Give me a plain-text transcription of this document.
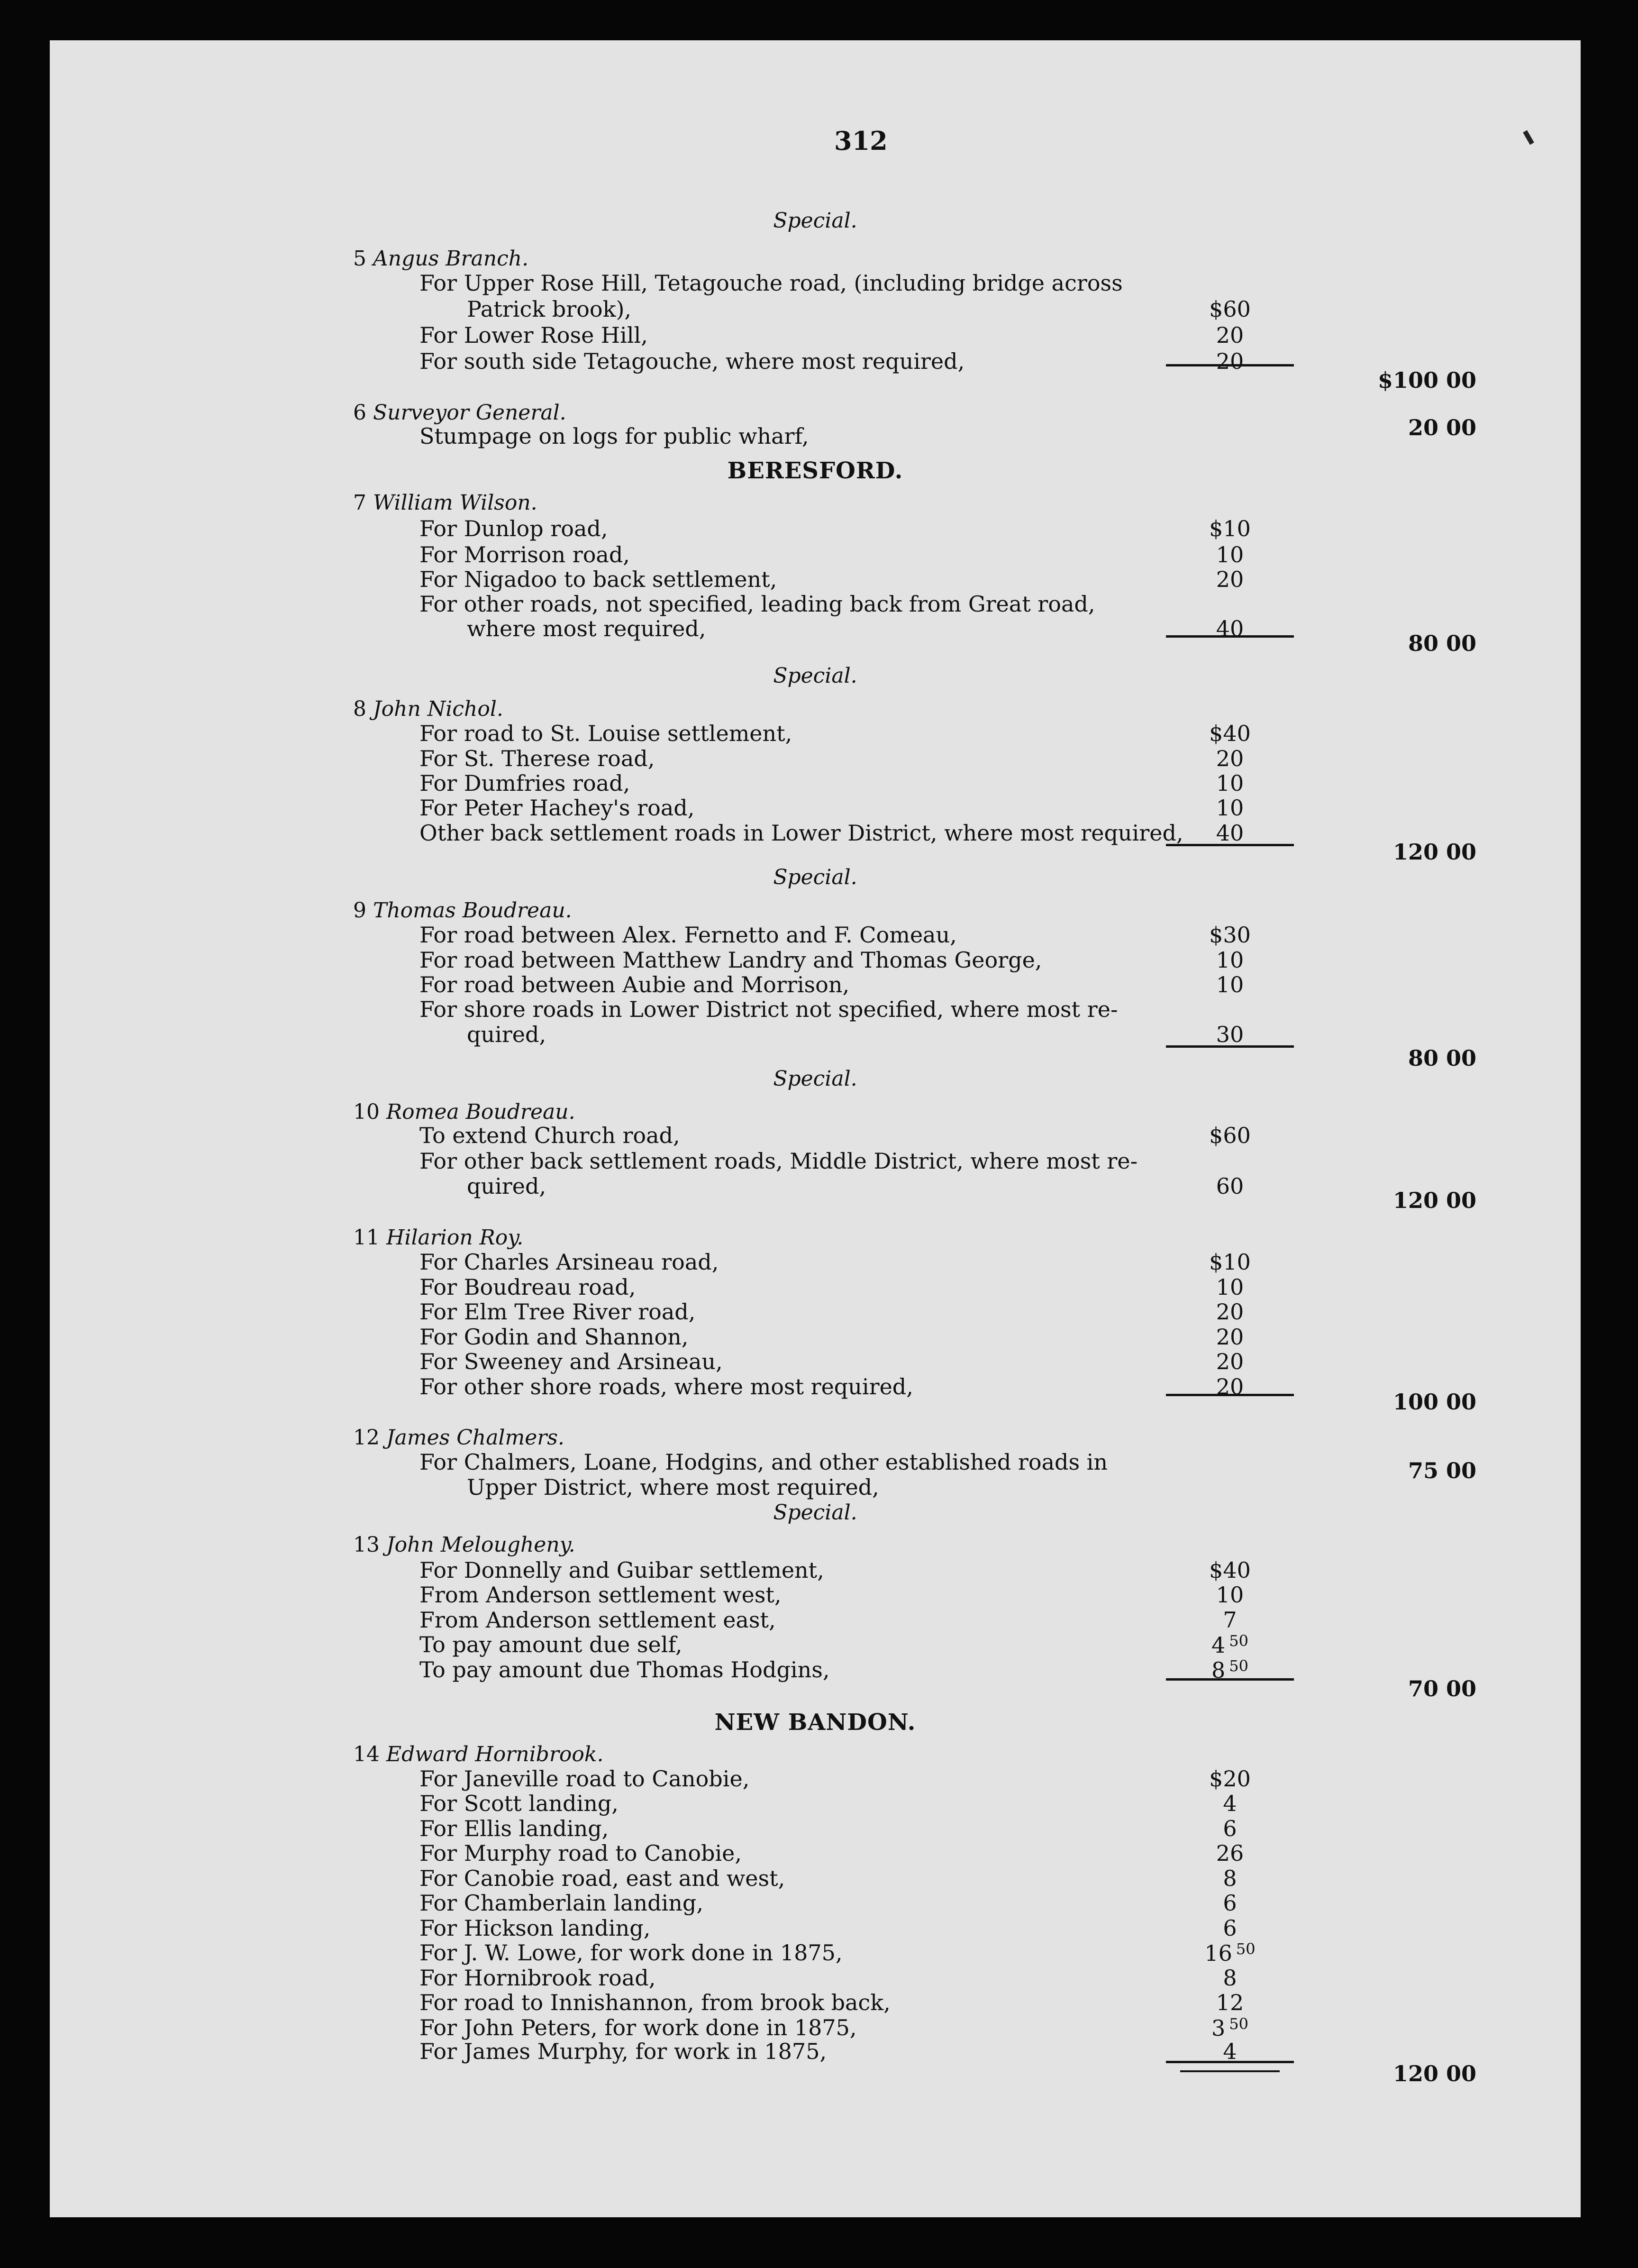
312
Special.
5 Angus Branch.
For Upper Rose Hill, Tetagouche road, (including bridge across
Patrick brook),	$60
For Lower Rose Hill,	20
For south side Tetagouche, where most required,	20
$100 00
6 Surveyor General.
Stumpage on logs for public wharf,	20 00
BERESFORD.
7 William Wilson.
For Dunlop road,	$10
For Morrison road,	10
For Nigadoo to back settlement,	20
For other roads, not specified, leading back from Great road,
where most required,	40
80 00
Special.
8 John Nichol.
For road to St. Louise settlement,	$40
For St. Therese road,	20
For Dumfries road,	10
For Peter Hachey's road,	10
Other back settlement roads in Lower District, where most required,	40
120 00
Special.
9 Thomas Boudreau.
For road between Alex. Fernetto and F. Comeau,	$30
For road between Matthew Landry and Thomas George,	10
For road between Aubie and Morrison,	10
For shore roads in Lower District not specified, where most re-
quired,	30
80 00
Special.
10 Romea Boudreau.
To extend Church road,	$60
For other back settlement roads, Middle District, where most re-
quired,	60
120 00
11 Hilarion Roy.
For Charles Arsineau road,	$10
For Boudreau road,	10
For Elm Tree River road,	20
For Godin and Shannon,	20
For Sweeney and Arsineau,	20
For other shore roads, where most required,	20
100 00
12 James Chalmers.
For Chalmers, Loane, Hodgins, and other established roads in
Upper District, where most required,
75 00
Special.
13 John Melougheny.
For Donnelly and Guibar settlement,	$40
From Anderson settlement west,	10
From Anderson settlement east,	7
To pay amount due self,	4 $^{50}$
To pay amount due Thomas Hodgins,	8 $^{50}$
70 00
NEW BANDON.
14 Edward Hornibrook.
For Janeville road to Canobie,	$20
For Scott landing,	4
For Ellis landing,	6
For Murphy road to Canobie,	26
For Canobie road, east and west,	8
For Chamberlain landing,	6
For Hickson landing,	6
For J. W. Lowe, for work done in 1875,	16 $^{50}$
For Hornibrook road,	8
For road to Innishannon, from brook back,	12
For John Peters, for work done in 1875,	3 $^{50}$
For James Murphy, for work in 1875,	4
120 00
